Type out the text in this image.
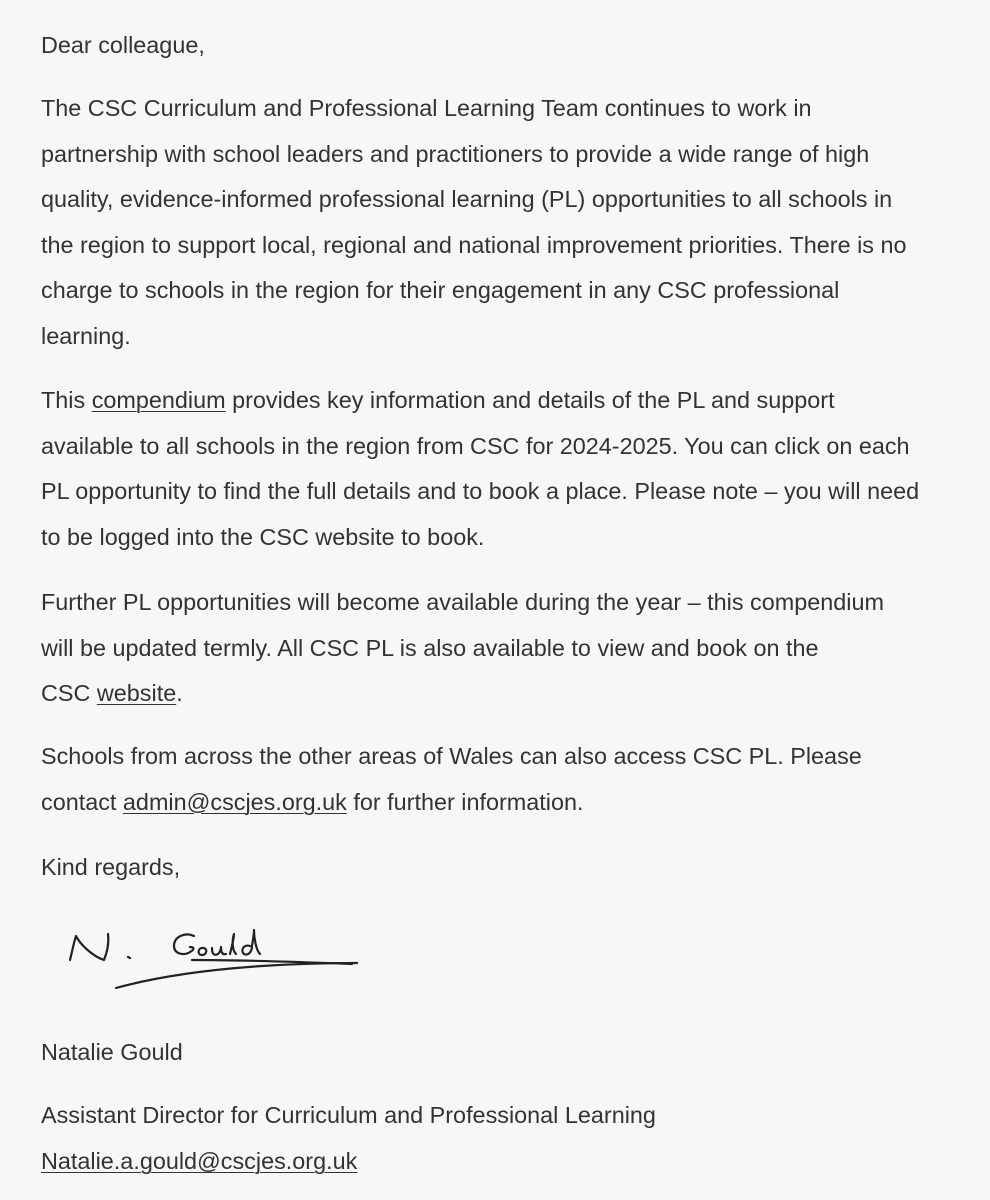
Dear colleague,

The CSC Curriculum and Professional Learning Team continues to work in
partnership with school leaders and practitioners to provide a wide range of high
quality, evidence-informed professional learning (PL) opportunities to all schools in
the region to support local, regional and national improvement priorities. There is no
charge to schools in the region for their engagement in any CSC professional
learning.

This compendium provides key information and details of the PL and support
available to all schools in the region from CSC for 2024-2025. You can click on each
PL opportunity to find the full details and to book a place. Please note – you will need
to be logged into the CSC website to book.

Further PL opportunities will become available during the year – this compendium
will be updated termly. All CSC PL is also available to view and book on the
CSC website.

Schools from across the other areas of Wales can also access CSC PL. Please
contact admin@cscjes.org.uk for further information.

Kind regards,

Natalie Gould

Assistant Director for Curriculum and Professional Learning

Natalie.a.gould@cscjes.org.uk
